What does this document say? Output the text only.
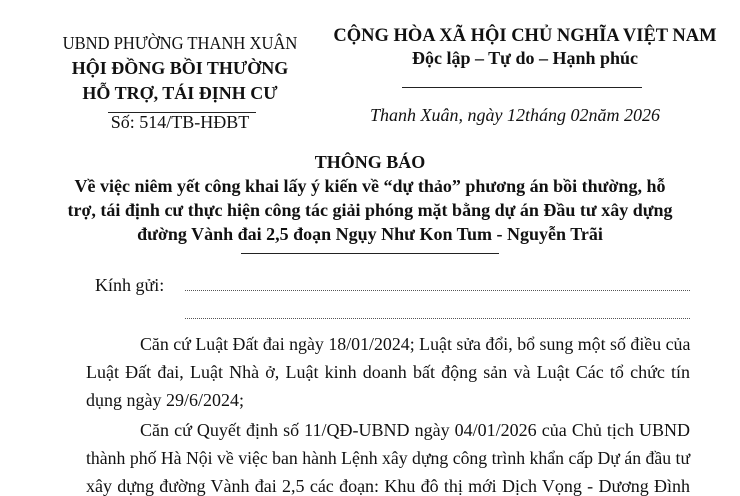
UBND PHƯỜNG THANH XUÂN
HỘI ĐỒNG BỒI THƯỜNG
HỖ TRỢ, TÁI ĐỊNH CƯ
Số: 514/TB-HĐBT
CỘNG HÒA XÃ HỘI CHỦ NGHĨA VIỆT NAM
Độc lập – Tự do – Hạnh phúc
Thanh Xuân, ngày 12tháng 02năm 2026
THÔNG BÁO
Về việc niêm yết công khai lấy ý kiến về “dự thảo” phương án bồi thường, hỗ
trợ, tái định cư thực hiện công tác giải phóng mặt bằng dự án Đầu tư xây dựng
đường Vành đai 2,5 đoạn Ngụy Như Kon Tum - Nguyễn Trãi
Kính gửi:
Căn cứ Luật Đất đai ngày 18/01/2024; Luật sửa đổi, bổ sung một số điều của
Luật Đất đai, Luật Nhà ở, Luật kinh doanh bất động sản và Luật Các tổ chức tín
dụng ngày 29/6/2024;
Căn cứ Quyết định số 11/QĐ-UBND ngày 04/01/2026 của Chủ tịch UBND
thành phố Hà Nội về việc ban hành Lệnh xây dựng công trình khẩn cấp Dự án đầu tư
xây dựng đường Vành đai 2,5 các đoạn: Khu đô thị mới Dịch Vọng - Dương Đình
